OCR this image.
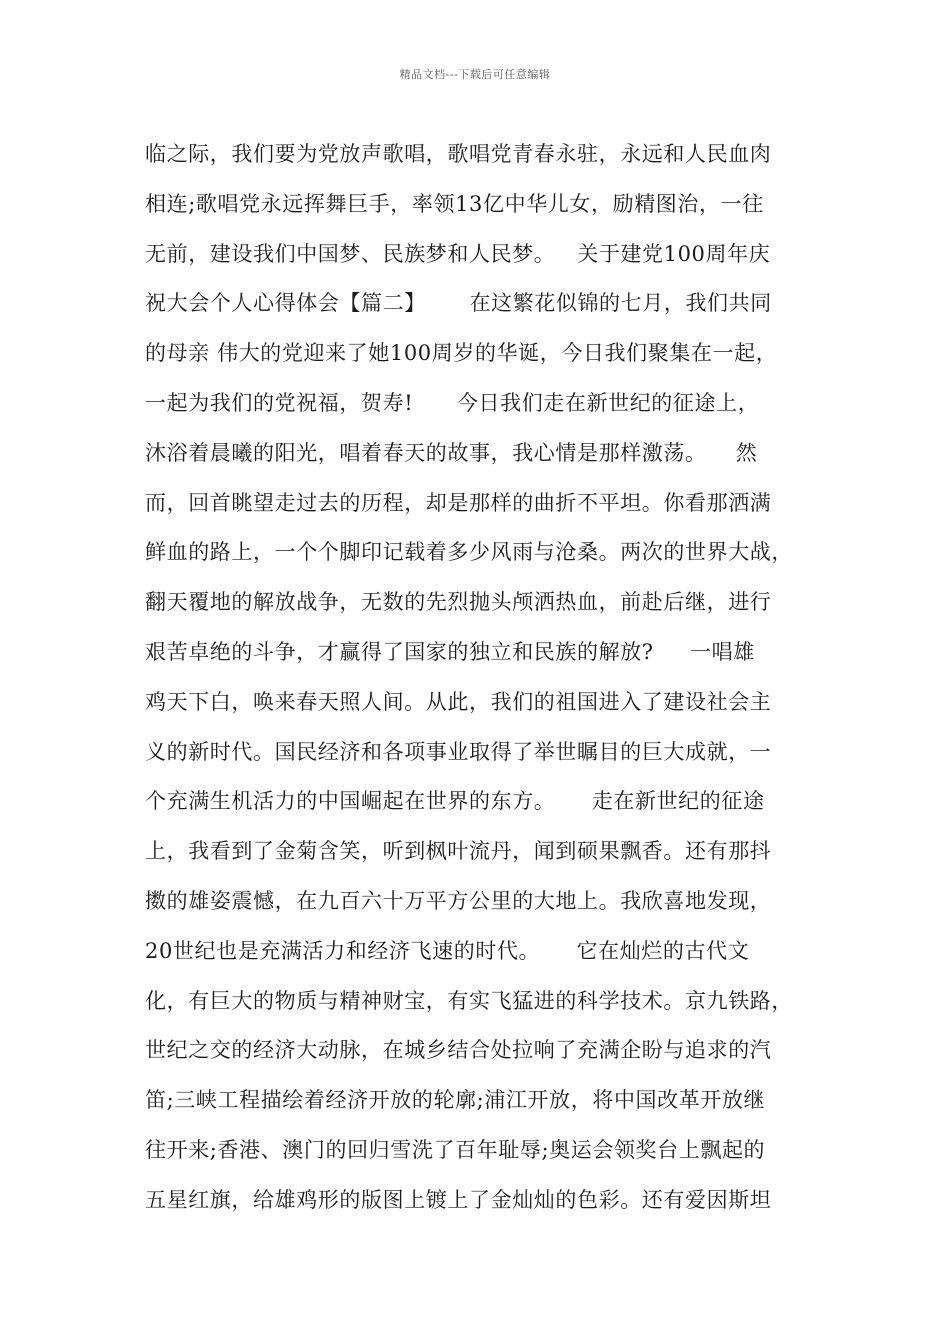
精品文档---下载后可任意编辑
临之际，我们要为党放声歌唱，歌唱党青春永驻，永远和人民血肉
相连;歌唱党永远挥舞巨手，率领13亿中华儿女，励精图治，一往
无前，建设我们中国梦、民族梦和人民梦。   关于建党100周年庆
祝大会个人心得体会【篇二】      在这繁花似锦的七月，我们共同
的母亲 伟大的党迎来了她100周岁的华诞，今日我们聚集在一起，
一起为我们的党祝福，贺寿!      今日我们走在新世纪的征途上，
沐浴着晨曦的阳光，唱着春天的故事，我心情是那样激荡。    然
而，回首眺望走过去的历程，却是那样的曲折不平坦。你看那洒满
鲜血的路上，一个个脚印记载着多少风雨与沧桑。两次的世界大战，
翻天覆地的解放战争，无数的先烈抛头颅洒热血，前赴后继，进行
艰苦卓绝的斗争，才赢得了国家的独立和民族的解放?     一唱雄
鸡天下白，唤来春天照人间。从此，我们的祖国进入了建设社会主
义的新时代。国民经济和各项事业取得了举世瞩目的巨大成就，一
个充满生机活力的中国崛起在世界的东方。     走在新世纪的征途
上，我看到了金菊含笑，听到枫叶流丹，闻到硕果飘香。还有那抖
擞的雄姿震憾，在九百六十万平方公里的大地上。我欣喜地发现，
20世纪也是充满活力和经济飞速的时代。     它在灿烂的古代文
化，有巨大的物质与精神财宝，有实飞猛进的科学技术。京九铁路，
世纪之交的经济大动脉，在城乡结合处拉响了充满企盼与追求的汽
笛;三峡工程描绘着经济开放的轮廓;浦江开放，将中国改革开放继
往开来;香港、澳门的回归雪洗了百年耻辱;奥运会领奖台上飘起的
五星红旗，给雄鸡形的版图上镀上了金灿灿的色彩。还有爱因斯坦
